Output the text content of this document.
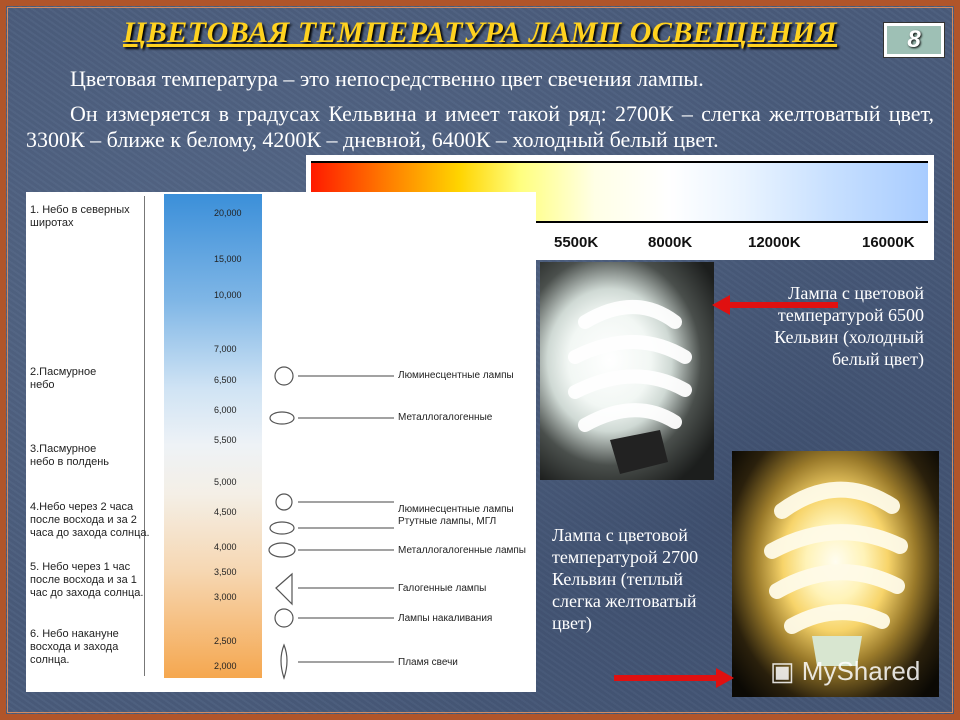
ЦВЕТОВАЯ ТЕМПЕРАТУРА ЛАМП ОСВЕЩЕНИЯ	8
Цветовая температура – это непосредственно цвет свечения лампы.
Он измеряется в градусах Кельвина и имеет такой ряд: 2700К – слегка желтоватый цвет, 3300К – ближе к белому, 4200К – дневной, 6400К – холодный белый цвет.
5500K	8000K	12000K	16000K
1. Небо в северных
широтах
2.Пасмурное
небо
3.Пасмурное
небо в полдень
4.Небо через 2 часа
после восхода и за 2
часа до захода солнца.
5. Небо через 1 час
после восхода и за 1
час до захода солнца.
6. Небо накануне
восхода и захода
солнца.
20,000
15,000
10,000
7,000
6,500
6,000
5,500
5,000
4,500
4,000
3,500
3,000
2,500
2,000
Люминесцентные лампы
Металлогалогенные
Люминесцентные лампы
Ртутные лампы, МГЛ
Металлогалогенные лампы
Галогенные лампы
Лампы накаливания
Пламя свечи
Лампа с цветовой температурой 6500 Кельвин (холодный белый цвет)
Лампа с цветовой температурой 2700 Кельвин (теплый слегка желтоватый цвет)
▣ MyShared
